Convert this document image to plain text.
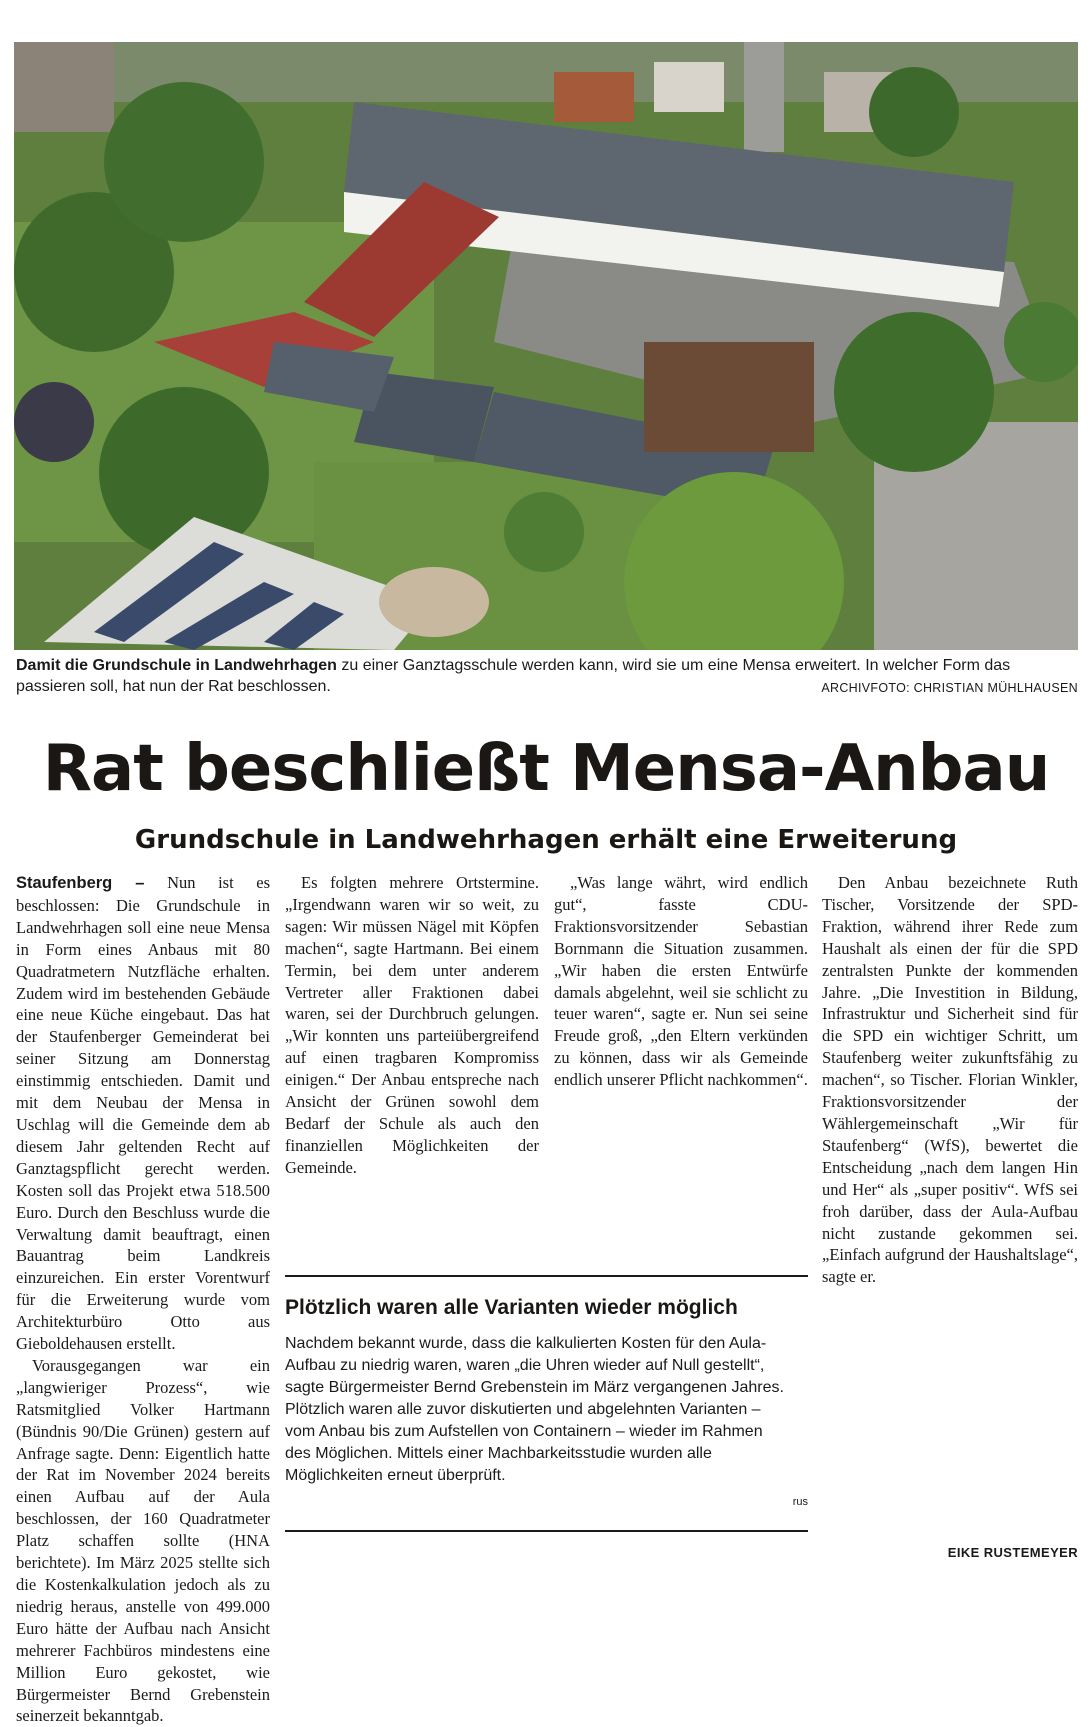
Damit die Grundschule in Landwehrhagen zu einer Ganztagsschule werden kann, wird sie um eine Mensa erweitert. In welcher Form das passieren soll, hat nun der Rat beschlossen.	ARCHIVFOTO: CHRISTIAN MÜHLHAUSEN
Rat beschließt Mensa-Anbau
Grundschule in Landwehrhagen erhält eine Erweiterung

Staufenberg – Nun ist es beschlossen: Die Grundschule in Landwehrhagen soll eine neue Mensa in Form eines Anbaus mit 80 Quadratmetern Nutzfläche erhalten. Zudem wird im bestehenden Gebäude eine neue Küche eingebaut. Das hat der Staufenberger Gemeinderat bei seiner Sitzung am Donnerstag einstimmig entschieden. Damit und mit dem Neubau der Mensa in Uschlag will die Gemeinde dem ab diesem Jahr geltenden Recht auf Ganztagspflicht gerecht werden. Kosten soll das Projekt etwa 518.500 Euro. Durch den Beschluss wurde die Verwaltung damit beauftragt, einen Bauantrag beim Landkreis einzureichen. Ein erster Vorentwurf für die Erweiterung wurde vom Architekturbüro Otto aus Gieboldehausen erstellt.

Vorausgegangen war ein „langwieriger Prozess“, wie Ratsmitglied Volker Hartmann (Bündnis 90/Die Grünen) gestern auf Anfrage sagte. Denn: Eigentlich hatte der Rat im November 2024 bereits einen Aufbau auf der Aula beschlossen, der 160 Quadratmeter Platz schaffen sollte (HNA berichtete). Im März 2025 stellte sich die Kostenkalkulation jedoch als zu niedrig heraus, anstelle von 499.000 Euro hätte der Aufbau nach Ansicht mehrerer Fachbüros mindestens eine Million Euro gekostet, wie Bürgermeister Bernd Grebenstein seinerzeit bekanntgab.

Es folgten mehrere Ortstermine. „Irgendwann waren wir so weit, zu sagen: Wir müssen Nägel mit Köpfen machen“, sagte Hartmann. Bei einem Termin, bei dem unter anderem Vertreter aller Fraktionen dabei waren, sei der Durchbruch gelungen. „Wir konnten uns parteiübergreifend auf einen tragbaren Kompromiss einigen.“ Der Anbau entspreche nach Ansicht der Grünen sowohl dem Bedarf der Schule als auch den finanziellen Möglichkeiten der Gemeinde.

„Was lange währt, wird endlich gut“, fasste CDU-Fraktionsvorsitzender Sebastian Bornmann die Situation zusammen. „Wir haben die ersten Entwürfe damals abgelehnt, weil sie schlicht zu teuer waren“, sagte er. Nun sei seine Freude groß, „den Eltern verkünden zu können, dass wir als Gemeinde endlich unserer Pflicht nachkommen“.

Den Anbau bezeichnete Ruth Tischer, Vorsitzende der SPD-Fraktion, während ihrer Rede zum Haushalt als einen der für die SPD zentralsten Punkte der kommenden Jahre. „Die Investition in Bildung, Infrastruktur und Sicherheit sind für die SPD ein wichtiger Schritt, um Staufenberg weiter zukunftsfähig zu machen“, so Tischer. Florian Winkler, Fraktionsvorsitzender der Wählergemeinschaft „Wir für Staufenberg“ (WfS), bewertet die Entscheidung „nach dem langen Hin und Her“ als „super positiv“. WfS sei froh darüber, dass der Aula-Aufbau nicht zustande gekommen sei. „Einfach aufgrund der Haushaltslage“, sagte er.

Plötzlich waren alle Varianten wieder möglich

Nachdem bekannt wurde, dass die kalkulierten Kosten für den Aula-Aufbau zu niedrig waren, waren „die Uhren wieder auf Null gestellt“, sagte Bürgermeister Bernd Grebenstein im März vergangenen Jahres. Plötzlich waren alle zuvor diskutierten und abgelehnten Varianten – vom Anbau bis zum Aufstellen von Containern – wieder im Rahmen des Möglichen. Mittels einer Machbarkeitsstudie wurden alle Möglichkeiten erneut überprüft.

rus
EIKE RUSTEMEYER
